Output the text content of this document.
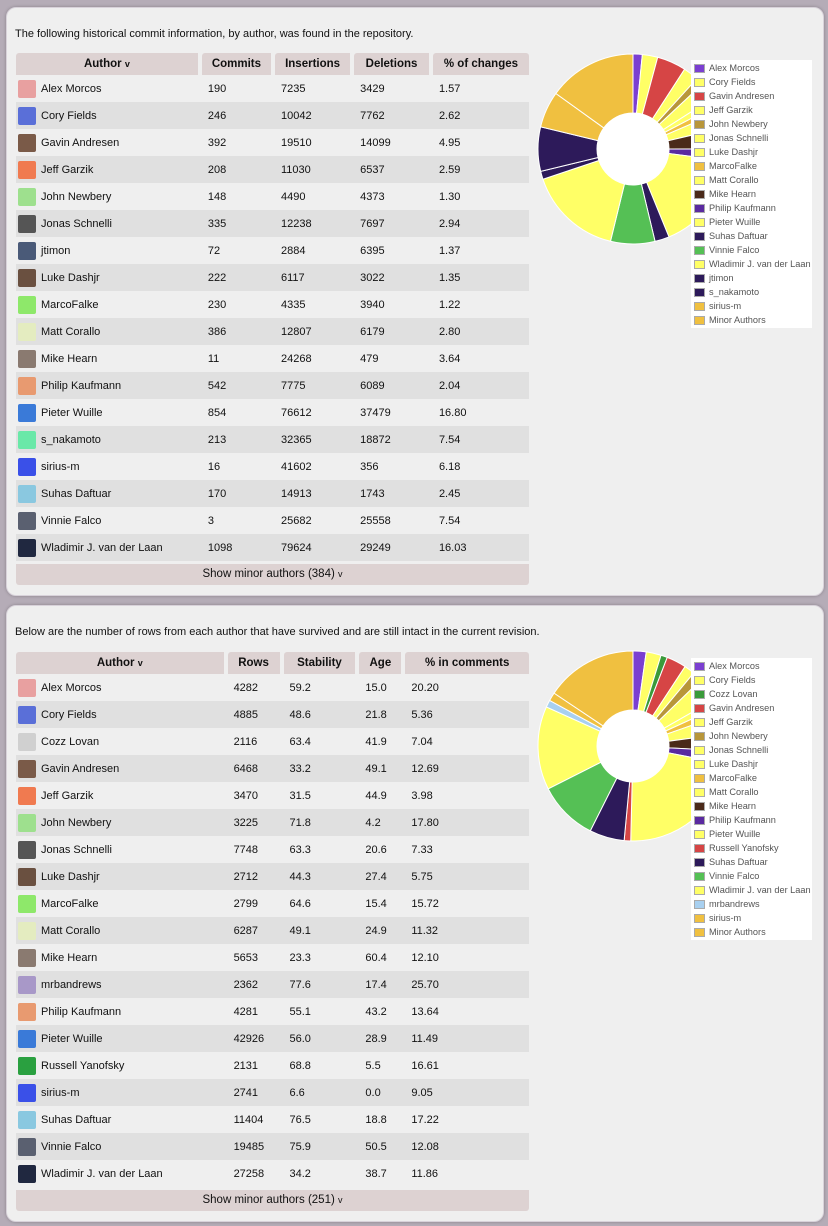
The following historical commit information, by author, was found in the repository.
Author v	Commits	Insertions	Deletions	% of changes
Alex Morcos	190	7235	3429	1.57
Cory Fields	246	10042	7762	2.62
Gavin Andresen	392	19510	14099	4.95
Jeff Garzik	208	11030	6537	2.59
John Newbery	148	4490	4373	1.30
Jonas Schnelli	335	12238	7697	2.94
jtimon	72	2884	6395	1.37
Luke Dashjr	222	6117	3022	1.35
MarcoFalke	230	4335	3940	1.22
Matt Corallo	386	12807	6179	2.80
Mike Hearn	11	24268	479	3.64
Philip Kaufmann	542	7775	6089	2.04
Pieter Wuille	854	76612	37479	16.80
s_nakamoto	213	32365	18872	7.54
sirius-m	16	41602	356	6.18
Suhas Daftuar	170	14913	1743	2.45
Vinnie Falco	3	25682	25558	7.54
Wladimir J. van der Laan	1098	79624	29249	16.03
Show minor authors (384) v
Alex Morcos
Cory Fields
Gavin Andresen
Jeff Garzik
John Newbery
Jonas Schnelli
Luke Dashjr
MarcoFalke
Matt Corallo
Mike Hearn
Philip Kaufmann
Pieter Wuille
Suhas Daftuar
Vinnie Falco
Wladimir J. van der Laan
jtimon
s_nakamoto
sirius-m
Minor Authors
Below are the number of rows from each author that have survived and are still intact in the current revision.
Author v	Rows	Stability	Age	% in comments
Alex Morcos	4282	59.2	15.0	20.20
Cory Fields	4885	48.6	21.8	5.36
Cozz Lovan	2116	63.4	41.9	7.04
Gavin Andresen	6468	33.2	49.1	12.69
Jeff Garzik	3470	31.5	44.9	3.98
John Newbery	3225	71.8	4.2	17.80
Jonas Schnelli	7748	63.3	20.6	7.33
Luke Dashjr	2712	44.3	27.4	5.75
MarcoFalke	2799	64.6	15.4	15.72
Matt Corallo	6287	49.1	24.9	11.32
Mike Hearn	5653	23.3	60.4	12.10
mrbandrews	2362	77.6	17.4	25.70
Philip Kaufmann	4281	55.1	43.2	13.64
Pieter Wuille	42926	56.0	28.9	11.49
Russell Yanofsky	2131	68.8	5.5	16.61
sirius-m	2741	6.6	0.0	9.05
Suhas Daftuar	11404	76.5	18.8	17.22
Vinnie Falco	19485	75.9	50.5	12.08
Wladimir J. van der Laan	27258	34.2	38.7	11.86
Show minor authors (251) v
Alex Morcos
Cory Fields
Cozz Lovan
Gavin Andresen
Jeff Garzik
John Newbery
Jonas Schnelli
Luke Dashjr
MarcoFalke
Matt Corallo
Mike Hearn
Philip Kaufmann
Pieter Wuille
Russell Yanofsky
Suhas Daftuar
Vinnie Falco
Wladimir J. van der Laan
mrbandrews
sirius-m
Minor Authors
